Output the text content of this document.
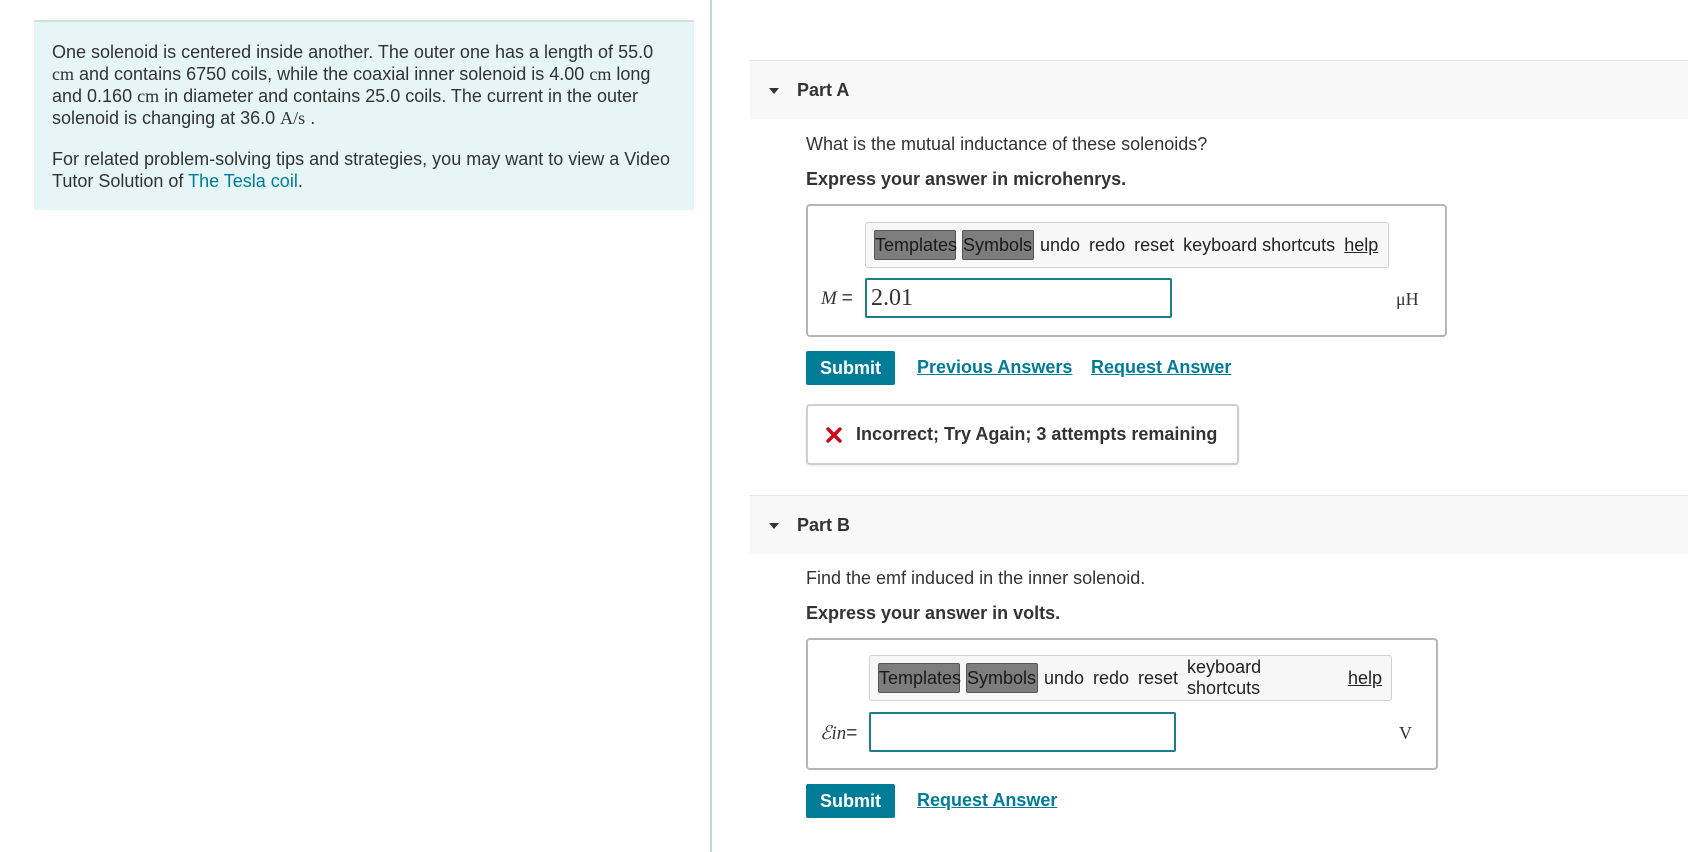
One solenoid is centered inside another. The outer one has a length of 55.0 cm and contains 6750 coils, while the coaxial inner solenoid is 4.00 cm long and 0.160 cm in diameter and contains 25.0 coils. The current in the outer solenoid is changing at 36.0 A/s .

For related problem-solving tips and strategies, you may want to view a Video Tutor Solution of The Tesla coil.

Part A
What is the mutual inductance of these solenoids?
Express your answer in microhenrys.
Templates Symbols undo redo reset keyboard shortcuts help
M = 2.01	μH
Submit	Previous Answers Request Answer
Incorrect; Try Again; 3 attempts remaining
Part B
Find the emf induced in the inner solenoid.
Express your answer in volts.
Templates Symbols undo redo reset
keyboard shortcuts
help
ℰin=	V
Submit	Request Answer
